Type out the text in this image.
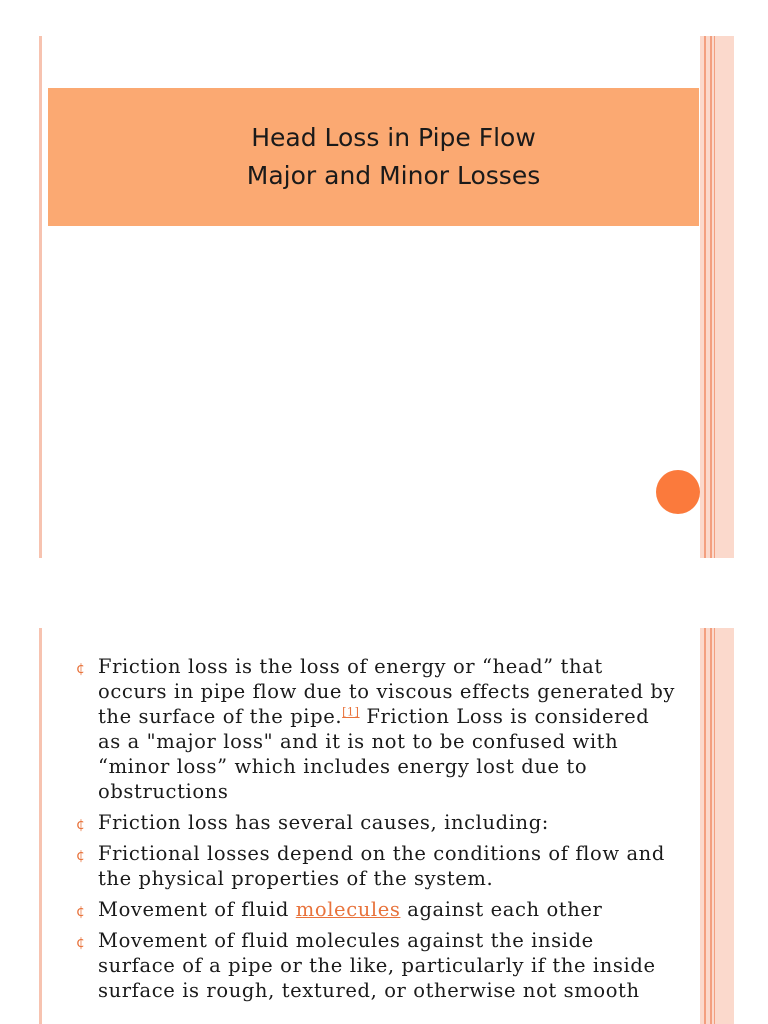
Head Loss in Pipe Flow
Major and Minor Losses
¢ Friction loss is the loss of energy or “head” that occurs in pipe flow due to viscous effects generated by the surface of the pipe.[1] Friction Loss is considered as a "major loss" and it is not to be confused with “minor loss” which includes energy lost due to obstructions
¢ Friction loss has several causes, including:
¢ Frictional losses depend on the conditions of flow and the physical properties of the system.
¢ Movement of fluid molecules against each other
¢ Movement of fluid molecules against the inside surface of a pipe or the like, particularly if the inside surface is rough, textured, or otherwise not smooth
